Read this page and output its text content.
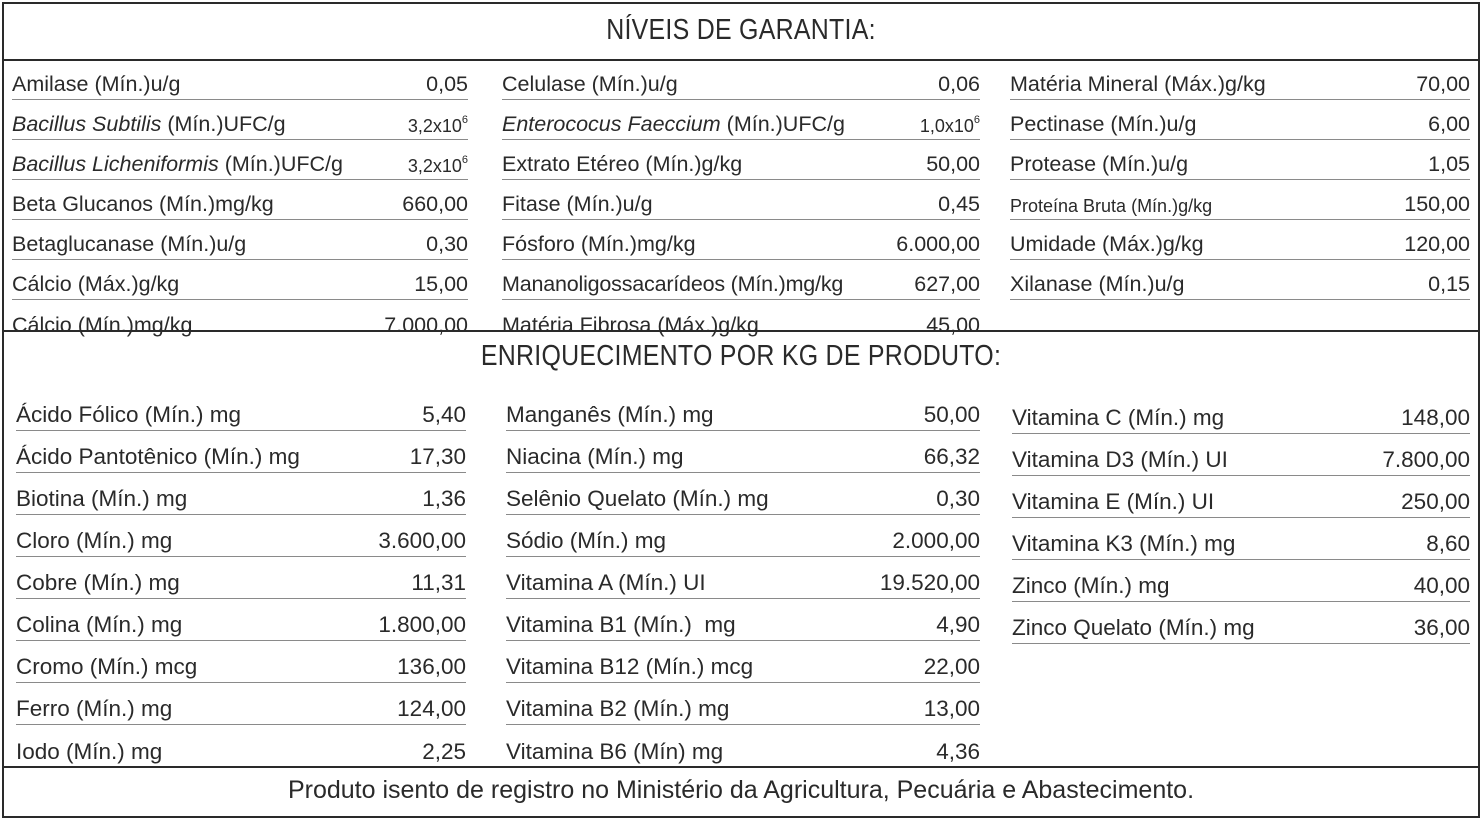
NÍVEIS DE GARANTIA:
Amilase (Mín.)u/g	0,05
Bacillus Subtilis (Mín.)UFC/g	$3,2x10^6$
Bacillus Licheniformis (Mín.)UFC/g	$3,2x10^6$
Beta Glucanos (Mín.)mg/kg	660,00
Betaglucanase (Mín.)u/g	0,30
Cálcio (Máx.)g/kg	15,00
Cálcio (Mín.)mg/kg	7.000,00
Celulase (Mín.)u/g	0,06
Enterococus Faeccium (Mín.)UFC/g	$1,0x10^6$
Extrato Etéreo (Mín.)g/kg	50,00
Fitase (Mín.)u/g	0,45
Fósforo (Mín.)mg/kg	6.000,00
Mananoligossacarídeos (Mín.)mg/kg	627,00
Matéria Fibrosa (Máx.)g/kg	45,00
Matéria Mineral (Máx.)g/kg	70,00
Pectinase (Mín.)u/g	6,00
Protease (Mín.)u/g	1,05
Proteína Bruta (Mín.)g/kg	150,00
Umidade (Máx.)g/kg	120,00
Xilanase (Mín.)u/g	0,15
ENRIQUECIMENTO POR KG DE PRODUTO:
Ácido Fólico (Mín.) mg	5,40
Ácido Pantotênico (Mín.) mg	17,30
Biotina (Mín.) mg	1,36
Cloro (Mín.) mg	3.600,00
Cobre (Mín.) mg	11,31
Colina (Mín.) mg	1.800,00
Cromo (Mín.) mcg	136,00
Ferro (Mín.) mg	124,00
Iodo (Mín.) mg	2,25
Manganês (Mín.) mg	50,00
Niacina (Mín.) mg	66,32
Selênio Quelato (Mín.) mg	0,30
Sódio (Mín.) mg	2.000,00
Vitamina A (Mín.) UI	19.520,00
Vitamina B1 (Mín.)  mg	4,90
Vitamina B12 (Mín.) mcg	22,00
Vitamina B2 (Mín.) mg	13,00
Vitamina B6 (Mín) mg	4,36
Vitamina C (Mín.) mg	148,00
Vitamina D3 (Mín.) UI	7.800,00
Vitamina E (Mín.) UI	250,00
Vitamina K3 (Mín.) mg	8,60
Zinco (Mín.) mg	40,00
Zinco Quelato (Mín.) mg	36,00
Produto isento de registro no Ministério da Agricultura, Pecuária e Abastecimento.
